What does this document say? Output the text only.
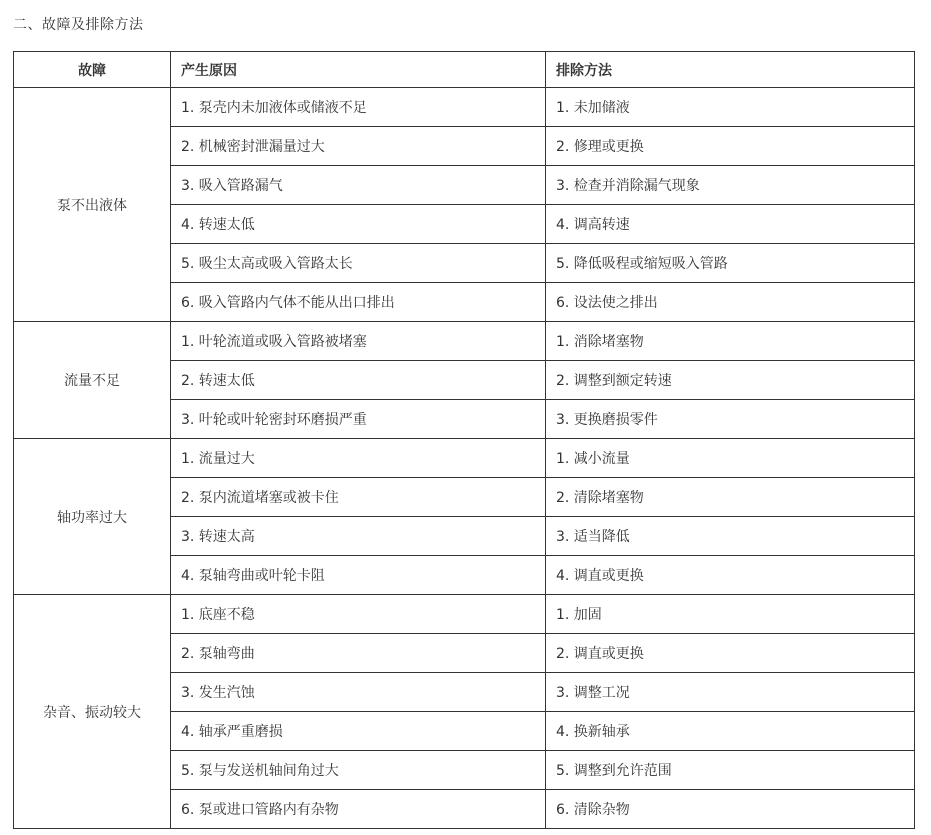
二、故障及排除方法
故障	产生原因	排除方法
泵不出液体	1. 泵壳内未加液体或储液不足	1. 未加储液
	2. 机械密封泄漏量过大	2. 修理或更换
	3. 吸入管路漏气	3. 检查并消除漏气现象
	4. 转速太低	4. 调高转速
	5. 吸尘太高或吸入管路太长	5. 降低吸程或缩短吸入管路
	6. 吸入管路内气体不能从出口排出	6. 设法使之排出
流量不足	1. 叶轮流道或吸入管路被堵塞	1. 消除堵塞物
	2. 转速太低	2. 调整到额定转速
	3. 叶轮或叶轮密封环磨损严重	3. 更换磨损零件
轴功率过大	1. 流量过大	1. 减小流量
	2. 泵内流道堵塞或被卡住	2. 清除堵塞物
	3. 转速太高	3. 适当降低
	4. 泵轴弯曲或叶轮卡阻	4. 调直或更换
杂音、振动较大	1. 底座不稳	1. 加固
	2. 泵轴弯曲	2. 调直或更换
	3. 发生汽蚀	3. 调整工况
	4. 轴承严重磨损	4. 换新轴承
	5. 泵与发送机轴间角过大	5. 调整到允许范围
	6. 泵或进口管路内有杂物	6. 清除杂物
